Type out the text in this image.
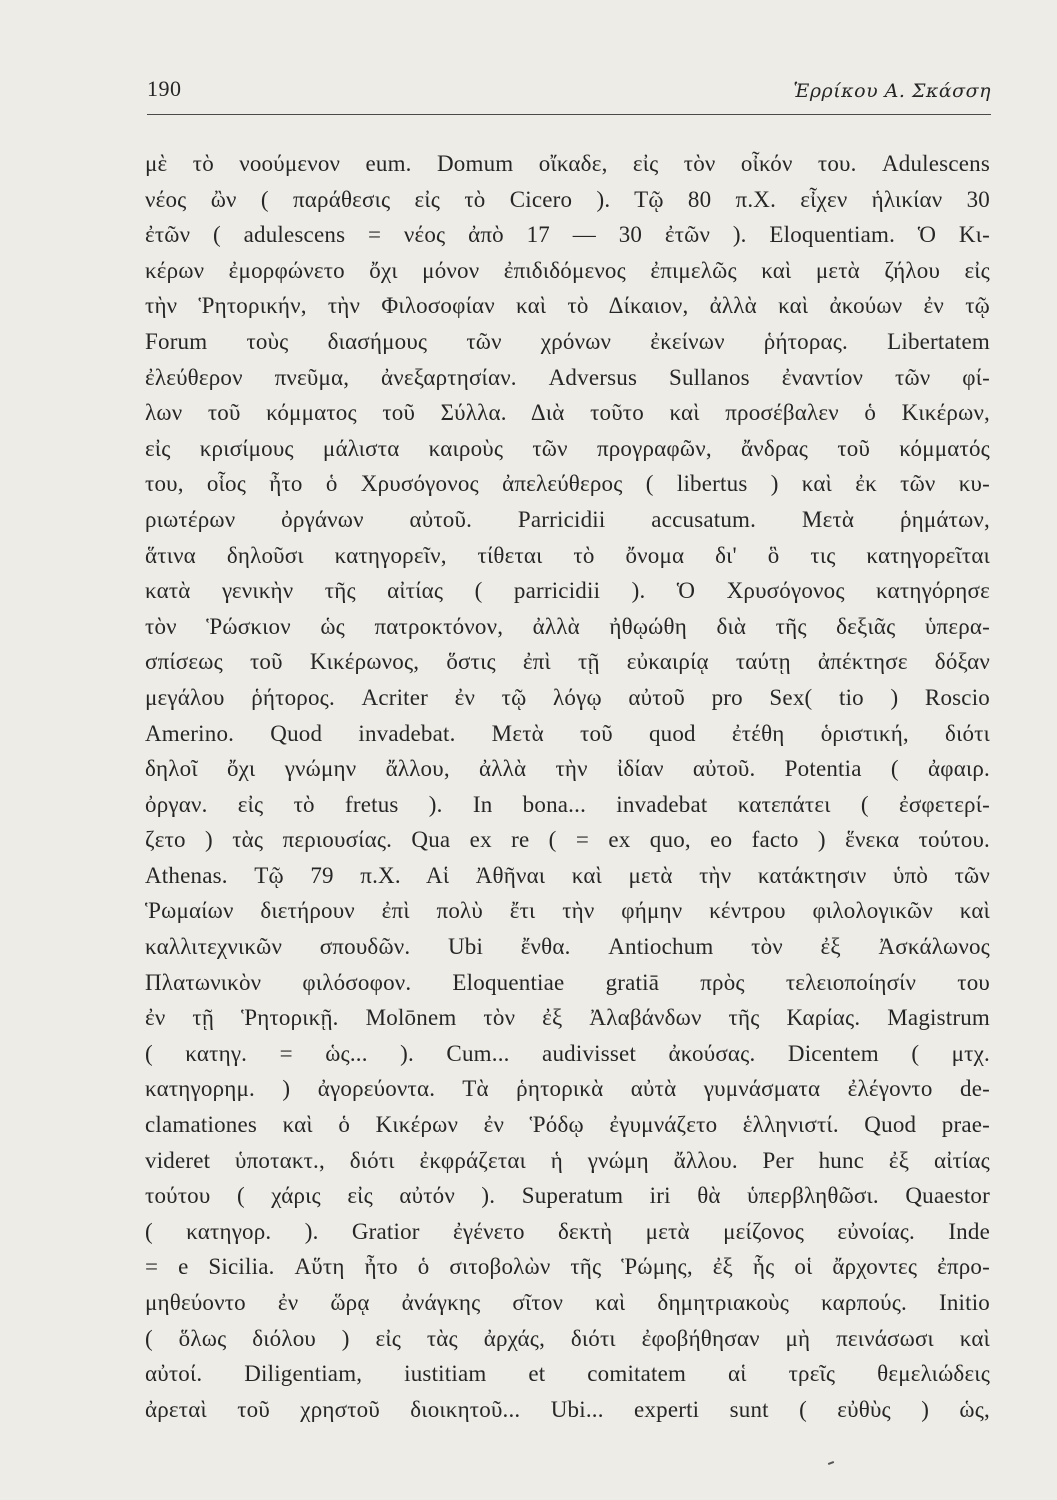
190	Ἑρρίκου Α. Σκάσση
μὲ τὸ νοούμενον eum. Domum οἴκαδε, εἰς τὸν οἶκόν του. Adulescens
νέος ὢν ( παράθεσις εἰς τὸ Cicero ). Τῷ 80 π.Χ. εἶχεν ἡλικίαν 30
ἐτῶν ( adulescens = νέος ἀπὸ 17 — 30 ἐτῶν ). Eloquentiam. Ὁ Κι-
κέρων ἐμορφώνετο ὄχι μόνον ἐπιδιδόμενος ἐπιμελῶς καὶ μετὰ ζήλου εἰς
τὴν Ῥητορικήν, τὴν Φιλοσοφίαν καὶ τὸ Δίκαιον, ἀλλὰ καὶ ἀκούων ἐν τῷ
Forum τοὺς διασήμους τῶν χρόνων ἐκείνων ῥήτορας. Libertatem
ἐλεύθερον πνεῦμα, ἀνεξαρτησίαν. Adversus Sullanos ἐναντίον τῶν φί-
λων τοῦ κόμματος τοῦ Σύλλα. Διὰ τοῦτο καὶ προσέβαλεν ὁ Κικέρων,
εἰς κρισίμους μάλιστα καιροὺς τῶν προγραφῶν, ἄνδρας τοῦ κόμματός
του, οἷος ἦτο ὁ Χρυσόγονος ἀπελεύθερος ( libertus ) καὶ ἐκ τῶν κυ-
ριωτέρων ὀργάνων αὐτοῦ. Parricidii accusatum. Μετὰ ῥημάτων,
ἅτινα δηλοῦσι κατηγορεῖν, τίθεται τὸ ὄνομα δι' ὃ τις κατηγορεῖται
κατὰ γενικὴν τῆς αἰτίας ( parricidii ). Ὁ Χρυσόγονος κατηγόρησε
τὸν Ῥώσκιον ὡς πατροκτόνον, ἀλλὰ ἠθῳώθη διὰ τῆς δεξιᾶς ὑπερα-
σπίσεως τοῦ Κικέρωνος, ὅστις ἐπὶ τῇ εὐκαιρίᾳ ταύτῃ ἀπέκτησε δόξαν
μεγάλου ῥήτορος. Acriter ἐν τῷ λόγῳ αὐτοῦ pro Sex( tio ) Roscio
Amerino. Quod invadebat. Μετὰ τοῦ quod ἐτέθη ὁριστική, διότι
δηλοῖ ὄχι γνώμην ἄλλου, ἀλλὰ τὴν ἰδίαν αὐτοῦ. Potentia ( ἀφαιρ.
ὀργαν. εἰς τὸ fretus ). In bona... invadebat κατεπάτει ( ἐσφετερί-
ζετο ) τὰς περιουσίας. Qua ex re ( = ex quo, eo facto ) ἕνεκα τούτου.
Athenas. Τῷ 79 π.Χ. Αἱ Ἀθῆναι καὶ μετὰ τὴν κατάκτησιν ὑπὸ τῶν
Ῥωμαίων διετήρουν ἐπὶ πολὺ ἔτι τὴν φήμην κέντρου φιλολογικῶν καὶ
καλλιτεχνικῶν σπουδῶν. Ubi ἔνθα. Antiochum τὸν ἐξ Ἀσκάλωνος
Πλατωνικὸν φιλόσοφον. Eloquentiae gratiā πρὸς τελειοποίησίν του
ἐν τῇ Ῥητορικῇ. Molōnem τὸν ἐξ Ἀλαβάνδων τῆς Καρίας. Magistrum
( κατηγ. = ὡς... ). Cum... audivisset ἀκούσας. Dicentem ( μτχ.
κατηγορημ. ) ἀγορεύοντα. Τὰ ῥητορικὰ αὐτὰ γυμνάσματα ἐλέγοντο de-
clamationes καὶ ὁ Κικέρων ἐν Ῥόδῳ ἐγυμνάζετο ἑλληνιστί. Quod prae-
videret ὑποτακτ., διότι ἐκφράζεται ἡ γνώμη ἄλλου. Per hunc ἐξ αἰτίας
τούτου ( χάρις εἰς αὐτόν ). Superatum iri θὰ ὑπερβληθῶσι. Quaestor
( κατηγορ. ). Gratior ἐγένετο δεκτὴ μετὰ μείζονος εὐνοίας. Inde
= e Sicilia. Αὕτη ἦτο ὁ σιτοβολὼν τῆς Ῥώμης, ἐξ ἧς οἱ ἄρχοντες ἐπρο-
μηθεύοντο ἐν ὥρᾳ ἀνάγκης σῖτον καὶ δημητριακοὺς καρπούς. Initio
( ὅλως διόλου ) εἰς τὰς ἀρχάς, διότι ἐφοβήθησαν μὴ πεινάσωσι καὶ
αὐτοί. Diligentiam, iustitiam et comitatem αἱ τρεῖς θεμελιώδεις
ἀρεταὶ τοῦ χρηστοῦ διοικητοῦ... Ubi... experti sunt ( εὐθὺς ) ὡς,
